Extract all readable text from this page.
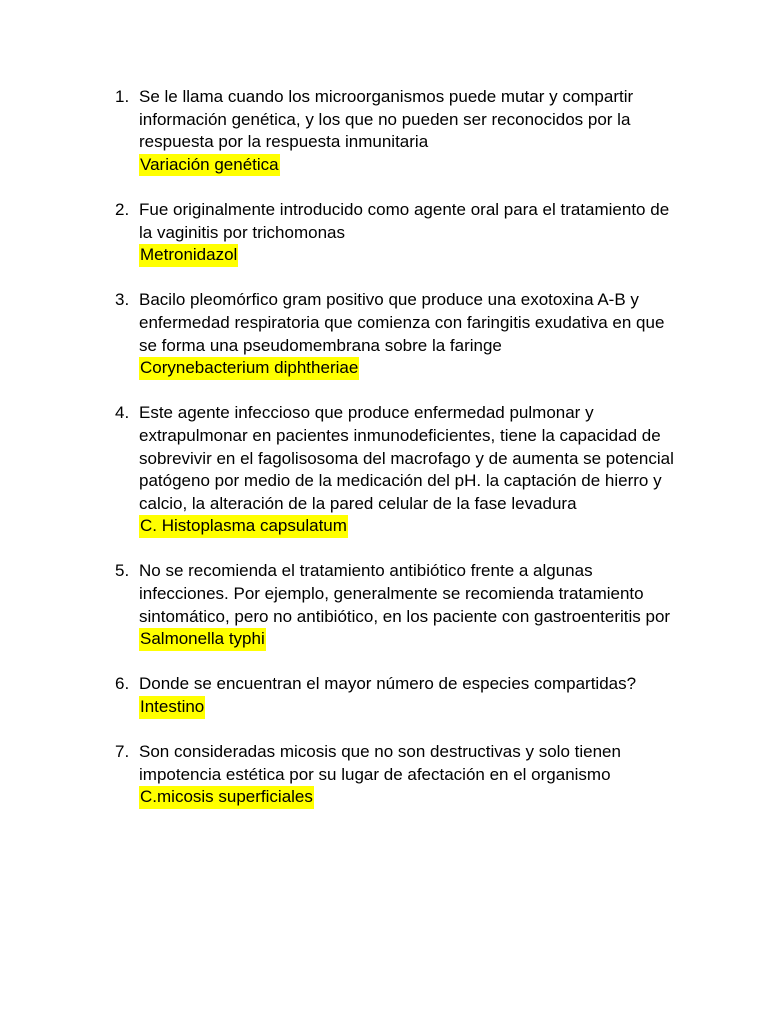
1. Se le llama cuando los microorganismos puede mutar y compartir información genética, y los que no pueden ser reconocidos por la respuesta por la respuesta inmunitaria
Variación genética
2. Fue originalmente introducido como agente oral para el tratamiento de la vaginitis por trichomonas
Metronidazol
3. Bacilo pleomórfico gram positivo que produce una exotoxina A-B y enfermedad respiratoria que comienza con faringitis exudativa en que se forma una pseudomembrana sobre la faringe
Corynebacterium diphtheriae
4. Este agente infeccioso que produce enfermedad pulmonar y extrapulmonar en pacientes inmunodeficientes, tiene la capacidad de sobrevivir en el fagolisosoma del macrofago y de aumenta se potencial patógeno por medio de la medicación del pH. la captación de hierro y calcio, la alteración de la pared celular de la fase levadura
C. Histoplasma capsulatum
5. No se recomienda el tratamiento antibiótico frente a algunas infecciones. Por ejemplo, generalmente se recomienda tratamiento sintomático, pero no antibiótico, en los paciente con gastroenteritis por
Salmonella typhi
6. Donde se encuentran el mayor número de especies compartidas?
Intestino
7. Son consideradas micosis que no son destructivas y solo tienen impotencia estética por su lugar de afectación en el organismo
C.micosis superficiales
